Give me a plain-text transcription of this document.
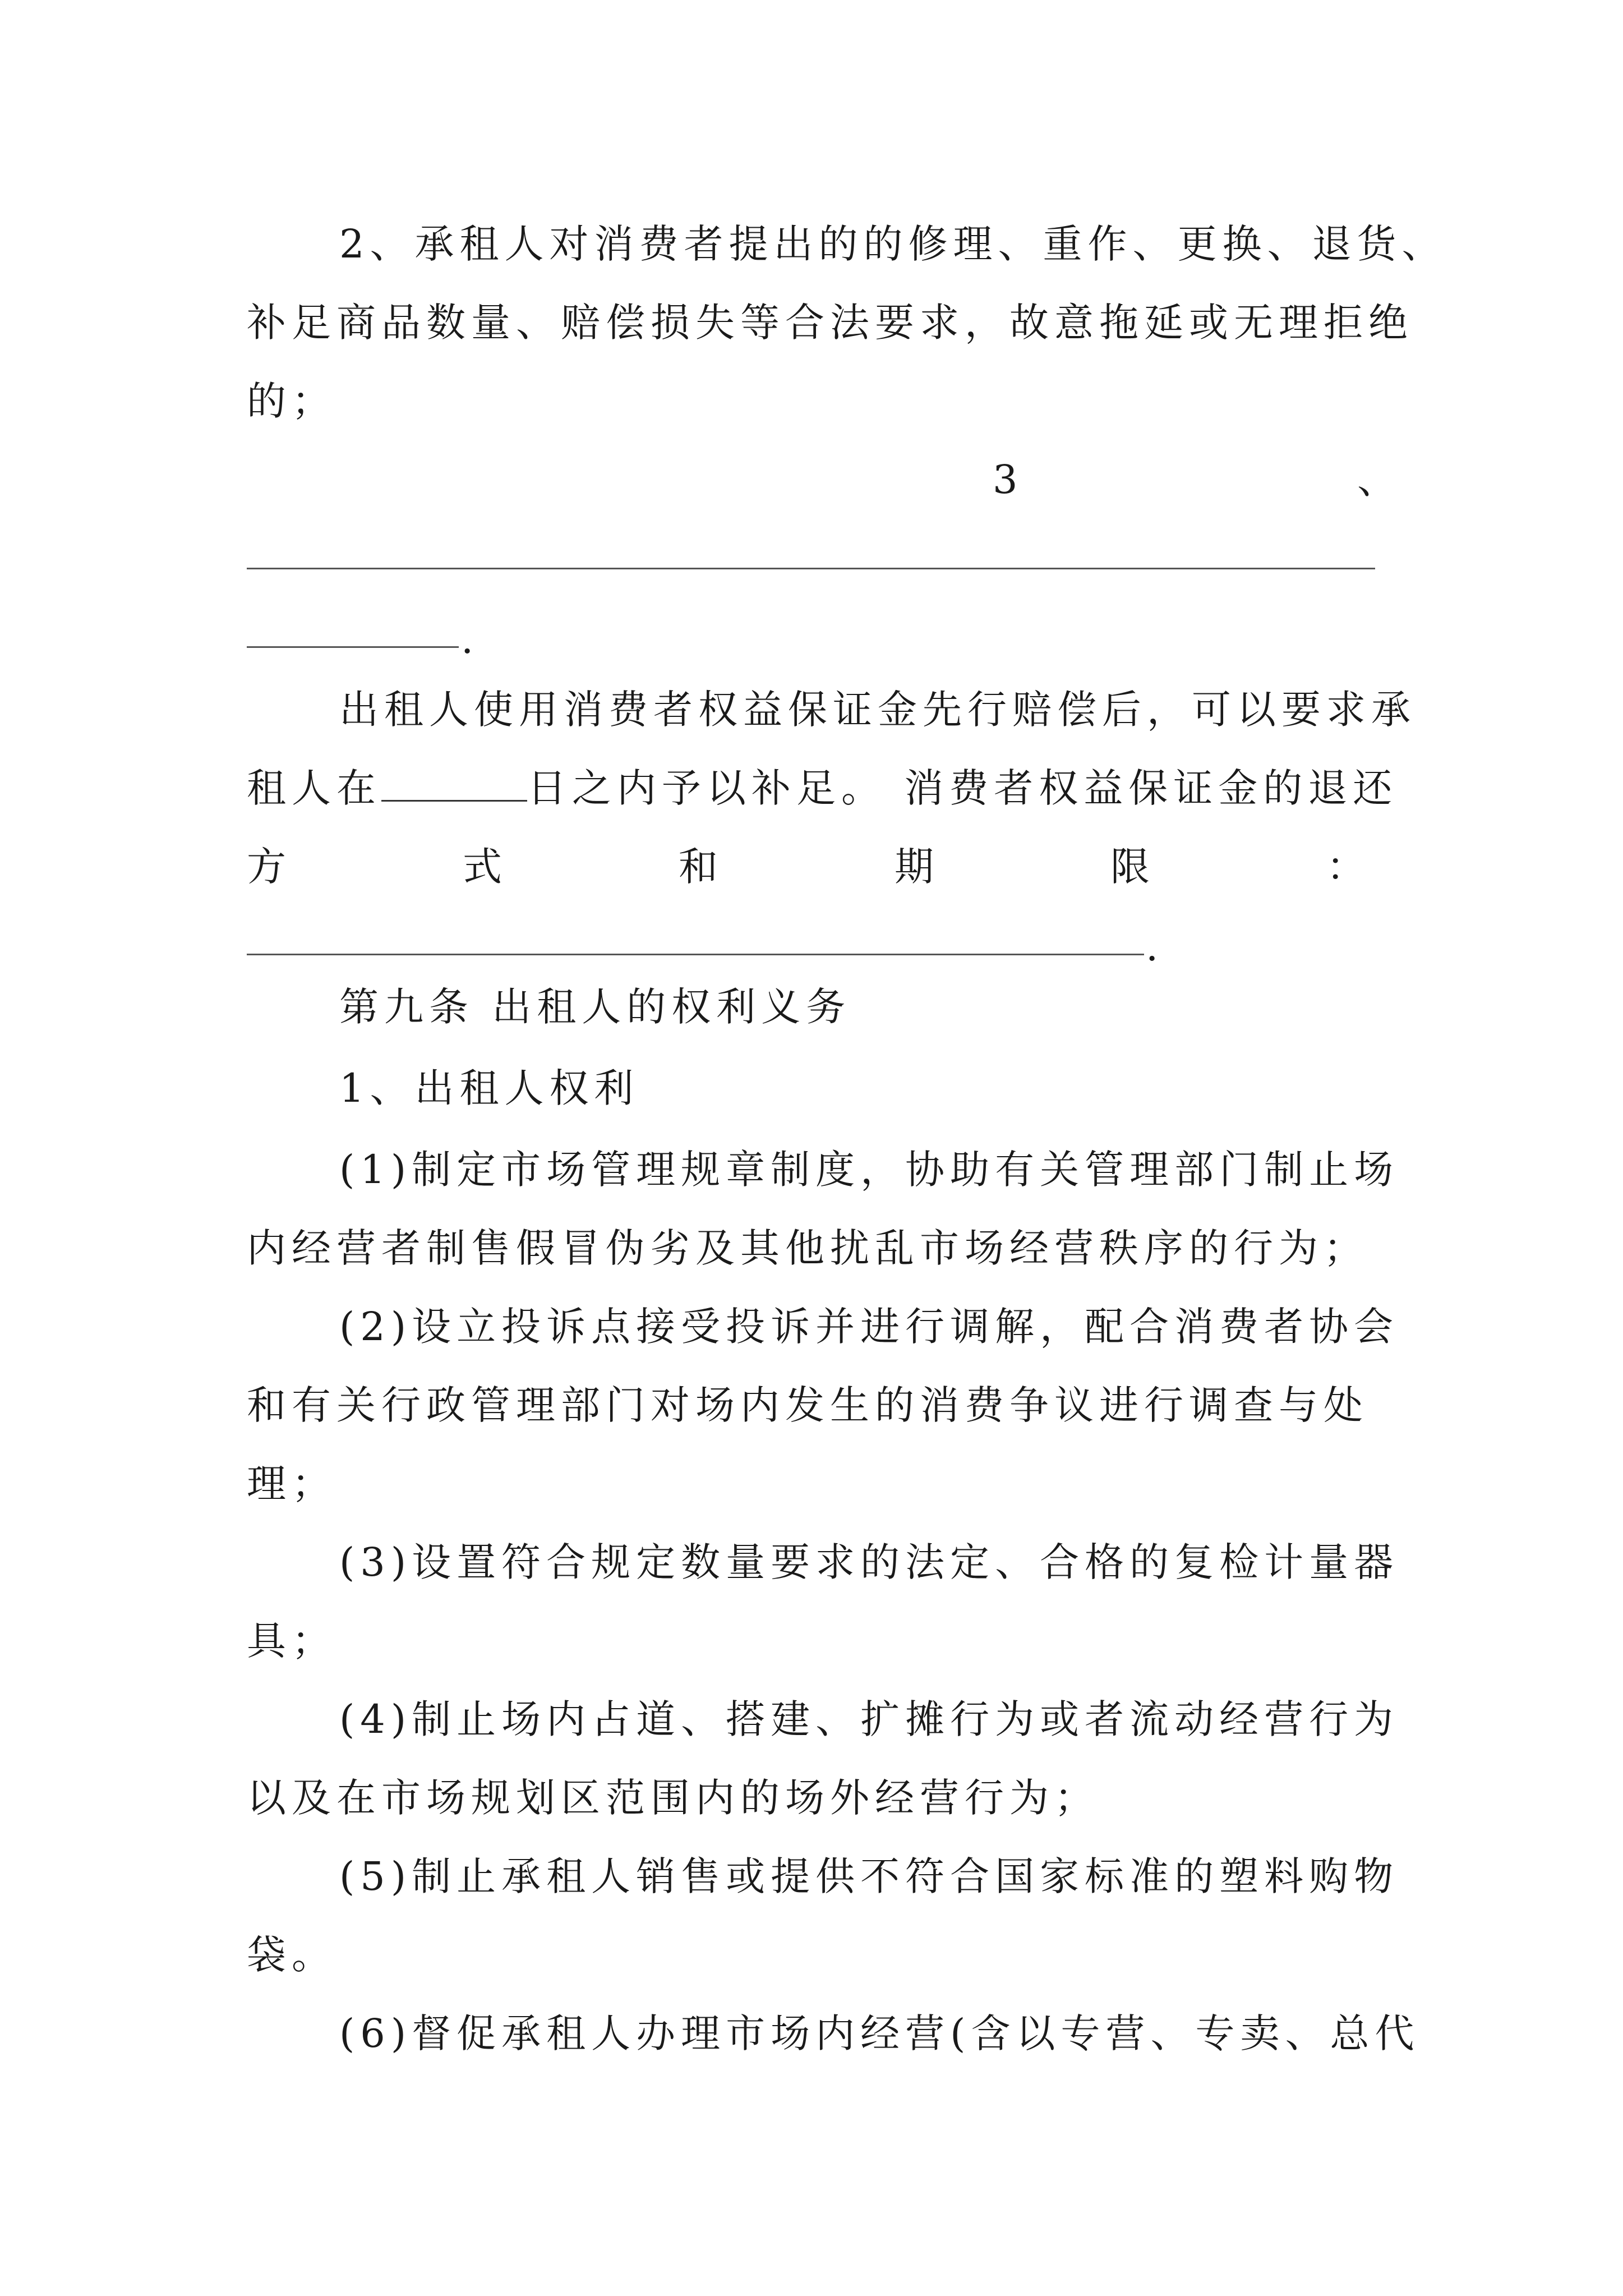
2、承租人对消费者提出的的修理、重作、更换、退货、
补足商品数量、赔偿损失等合法要求，故意拖延或无理拒绝
的；
3	、
.
出租人使用消费者权益保证金先行赔偿后，可以要求承
租人在	日之内予以补足。 消费者权益保证金的退还
方	式	和	期	限	：
.
第九条 出租人的权利义务
1、出租人权利
(1)制定市场管理规章制度，协助有关管理部门制止场
内经营者制售假冒伪劣及其他扰乱市场经营秩序的行为；
(2)设立投诉点接受投诉并进行调解，配合消费者协会
和有关行政管理部门对场内发生的消费争议进行调查与处
理；
(3)设置符合规定数量要求的法定、合格的复检计量器
具；
(4)制止场内占道、搭建、扩摊行为或者流动经营行为
以及在市场规划区范围内的场外经营行为；
(5)制止承租人销售或提供不符合国家标准的塑料购物
袋。
(6)督促承租人办理市场内经营(含以专营、专卖、总代
